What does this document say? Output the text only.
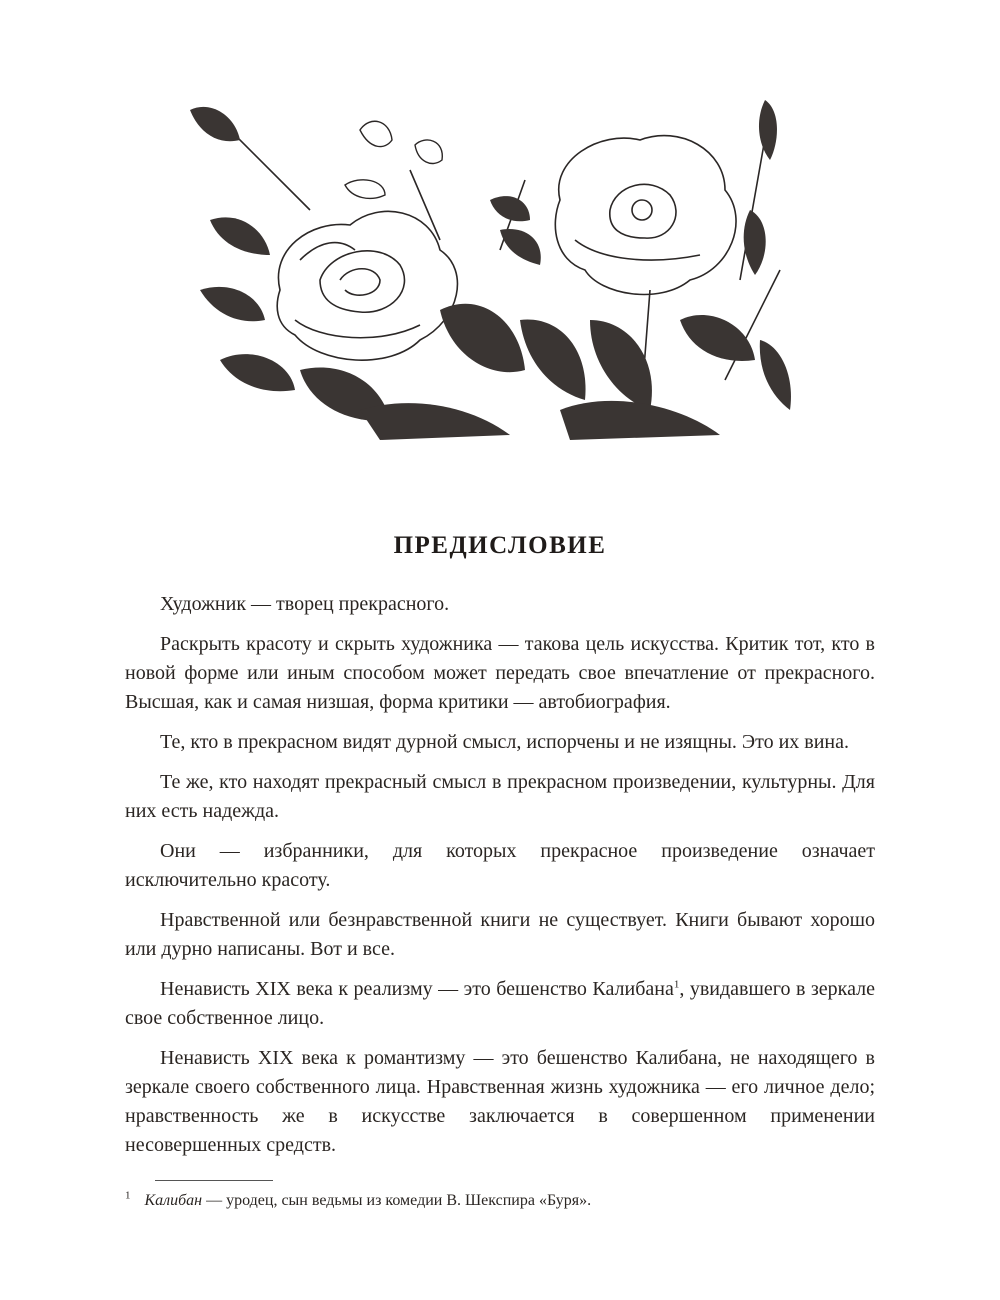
ПРЕДИСЛОВИЕ

Художник — творец прекрасного.

Раскрыть красоту и скрыть художника — такова цель искусства. Критик тот, кто в новой форме или иным способом может передать свое впечатление от прекрасного. Высшая, как и самая низшая, форма критики — автобиография.

Те, кто в прекрасном видят дурной смысл, испорчены и не изящны. Это их вина.

Те же, кто находят прекрасный смысл в прекрасном произведении, культурны. Для них есть надежда.

Они — избранники, для которых прекрасное произведение означает исключительно красоту.

Нравственной или безнравственной книги не существует. Книги бывают хорошо или дурно написаны. Вот и все.

Ненависть XIX века к реализму — это бешенство Калибана$^1$, увидавшего в зеркале свое собственное лицо.

Ненависть XIX века к романтизму — это бешенство Калибана, не находящего в зеркале своего собственного лица. Нравственная жизнь художника — его личное дело; нравственность же в искусстве заключается в совершенном применении несовершенных средств.

$^1$ Калибан — уродец, сын ведьмы из комедии В. Шекспира «Буря».
